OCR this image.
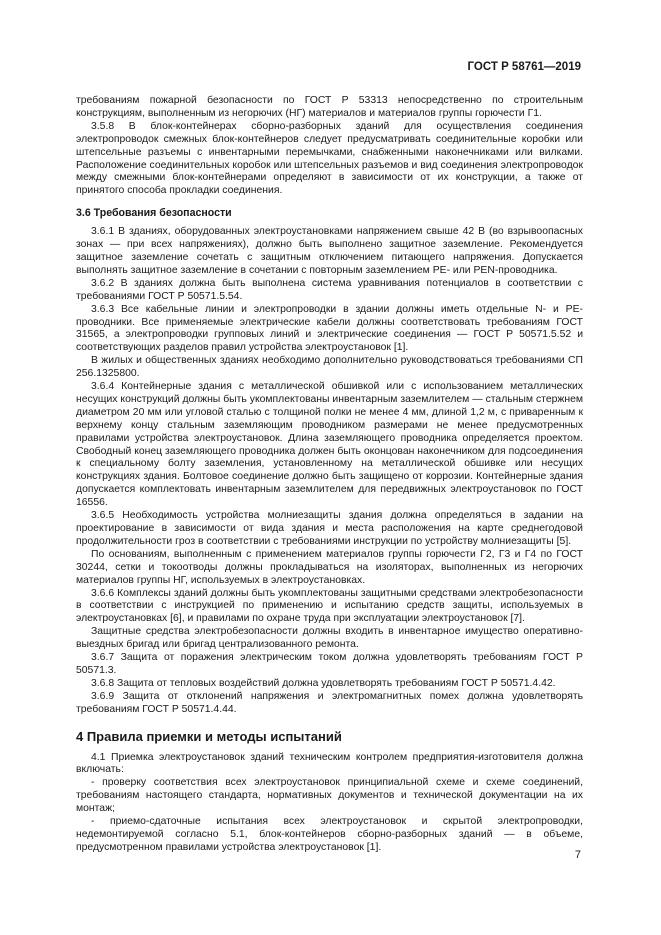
ГОСТ Р 58761—2019

требованиям пожарной безопасности по ГОСТ Р 53313 непосредственно по строительным конструкциям, выполненным из негорючих (НГ) материалов и материалов группы горючести Г1.

3.5.8 В блок-контейнерах сборно-разборных зданий для осуществления соединения электропроводок смежных блок-контейнеров следует предусматривать соединительные коробки или штепсельные разъемы с инвентарными перемычками, снабженными наконечниками или вилками. Расположение соединительных коробок или штепсельных разъемов и вид соединения электропроводок между смежными блок-контейнерами определяют в зависимости от их конструкции, а также от принятого способа прокладки соединения.

3.6 Требования безопасности

3.6.1 В зданиях, оборудованных электроустановками напряжением свыше 42 В (во взрывоопасных зонах — при всех напряжениях), должно быть выполнено защитное заземление. Рекомендуется защитное заземление сочетать с защитным отключением питающего напряжения. Допускается выполнять защитное заземление в сочетании с повторным заземлением PE- или PEN-проводника.

3.6.2 В зданиях должна быть выполнена система уравнивания потенциалов в соответствии с требованиями ГОСТ Р 50571.5.54.

3.6.3 Все кабельные линии и электропроводки в здании должны иметь отдельные N- и PE-проводники. Все применяемые электрические кабели должны соответствовать требованиям ГОСТ 31565, а электропроводки групповых линий и электрические соединения — ГОСТ Р 50571.5.52 и соответствующих разделов правил устройства электроустановок [1].

В жилых и общественных зданиях необходимо дополнительно руководствоваться требованиями СП 256.1325800.

3.6.4 Контейнерные здания с металлической обшивкой или с использованием металлических несущих конструкций должны быть укомплектованы инвентарным заземлителем — стальным стержнем диаметром 20 мм или угловой сталью с толщиной полки не менее 4 мм, длиной 1,2 м, с приваренным к верхнему концу стальным заземляющим проводником размерами не менее предусмотренных правилами устройства электроустановок. Длина заземляющего проводника определяется проектом. Свободный конец заземляющего проводника должен быть оконцован наконечником для подсоединения к специальному болту заземления, установленному на металлической обшивке или несущих конструкциях здания. Болтовое соединение должно быть защищено от коррозии. Контейнерные здания допускается комплектовать инвентарным заземлителем для передвижных электроустановок по ГОСТ 16556.

3.6.5 Необходимость устройства молниезащиты здания должна определяться в задании на проектирование в зависимости от вида здания и места расположения на карте среднегодовой продолжительности гроз в соответствии с требованиями инструкции по устройству молниезащиты [5].

По основаниям, выполненным с применением материалов группы горючести Г2, Г3 и Г4 по ГОСТ 30244, сетки и токоотводы должны прокладываться на изоляторах, выполненных из негорючих материалов группы НГ, используемых в электроустановках.

3.6.6 Комплексы зданий должны быть укомплектованы защитными средствами электробезопасности в соответствии с инструкцией по применению и испытанию средств защиты, используемых в электроустановках [6], и правилами по охране труда при эксплуатации электроустановок [7].

Защитные средства электробезопасности должны входить в инвентарное имущество оперативно-выездных бригад или бригад централизованного ремонта.

3.6.7 Защита от поражения электрическим током должна удовлетворять требованиям ГОСТ Р 50571.3.

3.6.8 Защита от тепловых воздействий должна удовлетворять требованиям ГОСТ Р 50571.4.42.

3.6.9 Защита от отклонений напряжения и электромагнитных помех должна удовлетворять требованиям ГОСТ Р 50571.4.44.

4 Правила приемки и методы испытаний

4.1 Приемка электроустановок зданий техническим контролем предприятия-изготовителя должна включать:

- проверку соответствия всех электроустановок принципиальной схеме и схеме соединений, требованиям настоящего стандарта, нормативных документов и технической документации на их монтаж;

- приемо-сдаточные испытания всех электроустановок и скрытой электропроводки, недемонтируемой согласно 5.1, блок-контейнеров сборно-разборных зданий — в объеме, предусмотренном правилами устройства электроустановок [1].

7
